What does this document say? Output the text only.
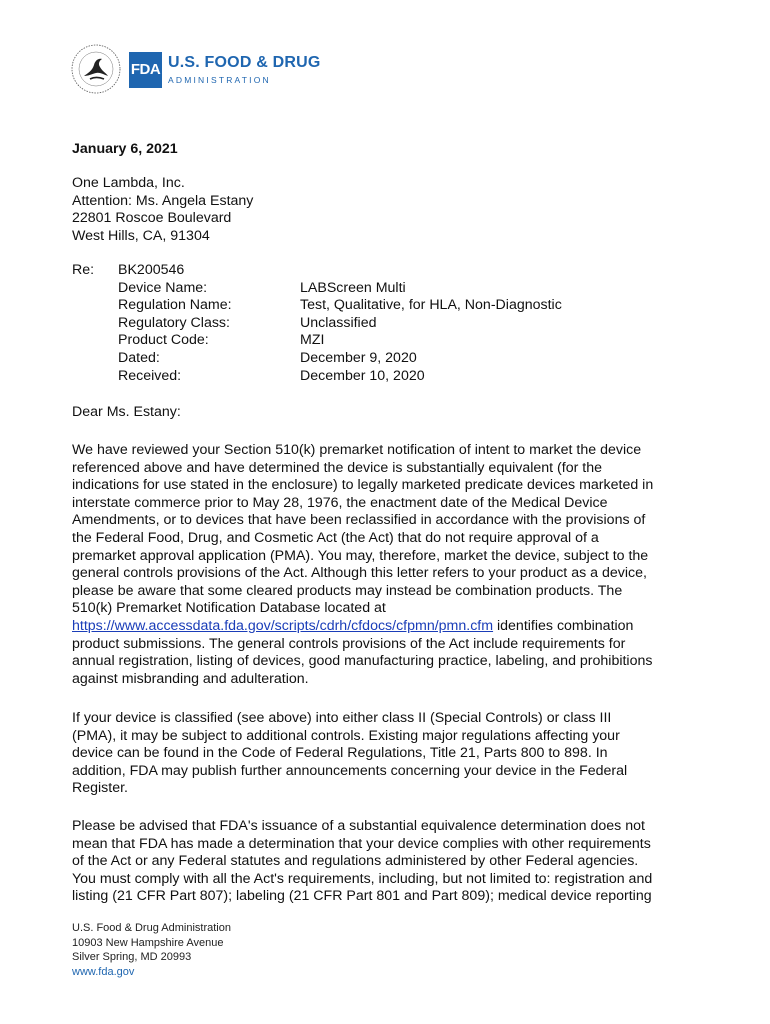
FDA U.S. FOOD & DRUG
ADMINISTRATION
January 6, 2021
One Lambda, Inc.
Attention: Ms. Angela Estany
22801 Roscoe Boulevard
West Hills, CA, 91304
Re:	BK200546
Device Name:	LABScreen Multi
Regulation Name:	Test, Qualitative, for HLA, Non-Diagnostic
Regulatory Class:	Unclassified
Product Code:	MZI
Dated:	December 9, 2020
Received:	December 10, 2020
Dear Ms. Estany:
We have reviewed your Section 510(k) premarket notification of intent to market the device
referenced above and have determined the device is substantially equivalent (for the
indications for use stated in the enclosure) to legally marketed predicate devices marketed in
interstate commerce prior to May 28, 1976, the enactment date of the Medical Device
Amendments, or to devices that have been reclassified in accordance with the provisions of
the Federal Food, Drug, and Cosmetic Act (the Act) that do not require approval of a
premarket approval application (PMA). You may, therefore, market the device, subject to the
general controls provisions of the Act. Although this letter refers to your product as a device,
please be aware that some cleared products may instead be combination products. The
510(k) Premarket Notification Database located at
https://www.accessdata.fda.gov/scripts/cdrh/cfdocs/cfpmn/pmn.cfm identifies combination
product submissions. The general controls provisions of the Act include requirements for
annual registration, listing of devices, good manufacturing practice, labeling, and prohibitions
against misbranding and adulteration.
If your device is classified (see above) into either class II (Special Controls) or class III
(PMA), it may be subject to additional controls. Existing major regulations affecting your
device can be found in the Code of Federal Regulations, Title 21, Parts 800 to 898. In
addition, FDA may publish further announcements concerning your device in the Federal
Register.
Please be advised that FDA's issuance of a substantial equivalence determination does not
mean that FDA has made a determination that your device complies with other requirements
of the Act or any Federal statutes and regulations administered by other Federal agencies.
You must comply with all the Act's requirements, including, but not limited to: registration and
listing (21 CFR Part 807); labeling (21 CFR Part 801 and Part 809); medical device reporting
U.S. Food & Drug Administration
10903 New Hampshire Avenue
Silver Spring, MD 20993
www.fda.gov
